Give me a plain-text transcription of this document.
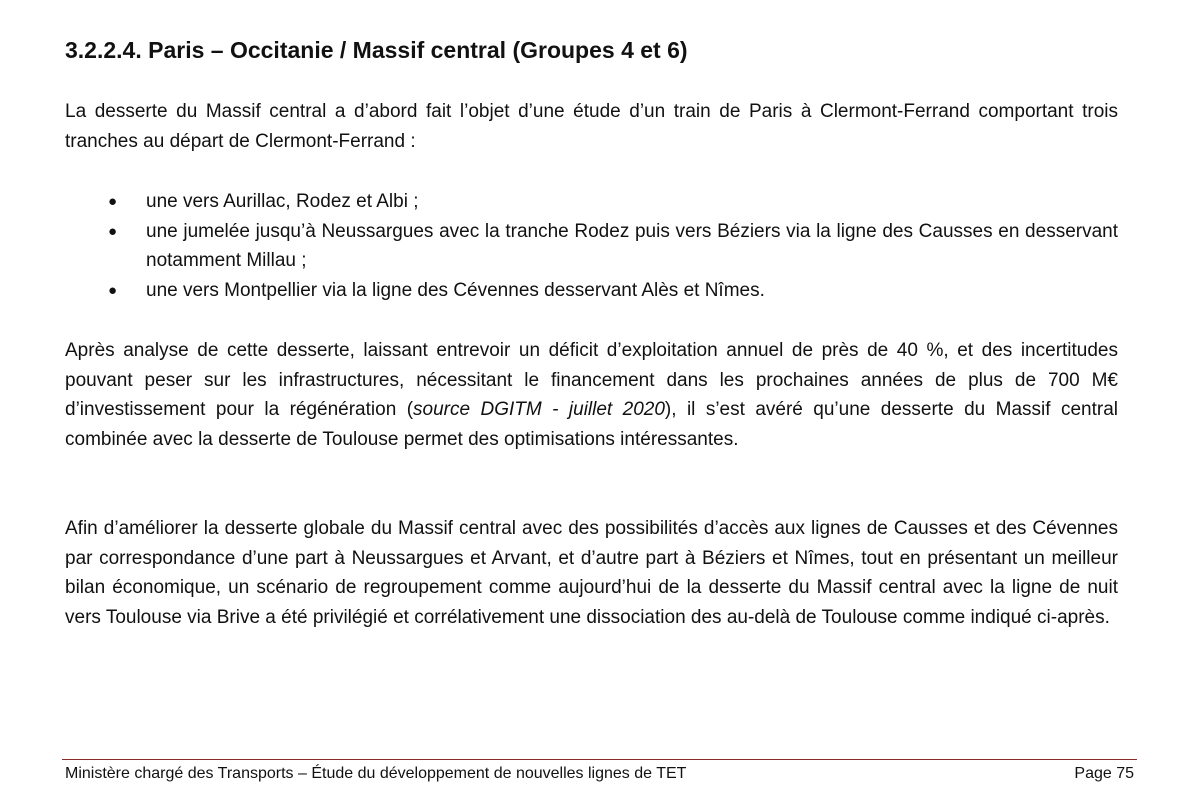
3.2.2.4. Paris – Occitanie / Massif central (Groupes 4 et 6)

La desserte du Massif central a d’abord fait l’objet d’une étude d’un train de Paris à Clermont-Ferrand comportant trois tranches au départ de Clermont-Ferrand :

● une vers Aurillac, Rodez et Albi ;
● une jumelée jusqu’à Neussargues avec la tranche Rodez puis vers Béziers via la ligne des Causses en desservant notamment Millau ;
● une vers Montpellier via la ligne des Cévennes desservant Alès et Nîmes.

Après analyse de cette desserte, laissant entrevoir un déficit d’exploitation annuel de près de 40 %, et des incertitudes pouvant peser sur les infrastructures, nécessitant le financement dans les prochaines années de plus de 700 M€ d’investissement pour la régénération (source DGITM - juillet 2020), il s’est avéré qu’une desserte du Massif central combinée avec la desserte de Toulouse permet des optimisations intéressantes.

Afin d’améliorer la desserte globale du Massif central avec des possibilités d’accès aux lignes de Causses et des Cévennes par correspondance d’une part à Neussargues et Arvant, et d’autre part à Béziers et Nîmes, tout en présentant un meilleur bilan économique, un scénario de regroupement comme aujourd’hui de la desserte du Massif central avec la ligne de nuit vers Toulouse via Brive a été privilégié et corrélativement une dissociation des au-delà de Toulouse comme indiqué ci-après.

Ministère chargé des Transports – Étude du développement de nouvelles lignes de TET	Page 75
